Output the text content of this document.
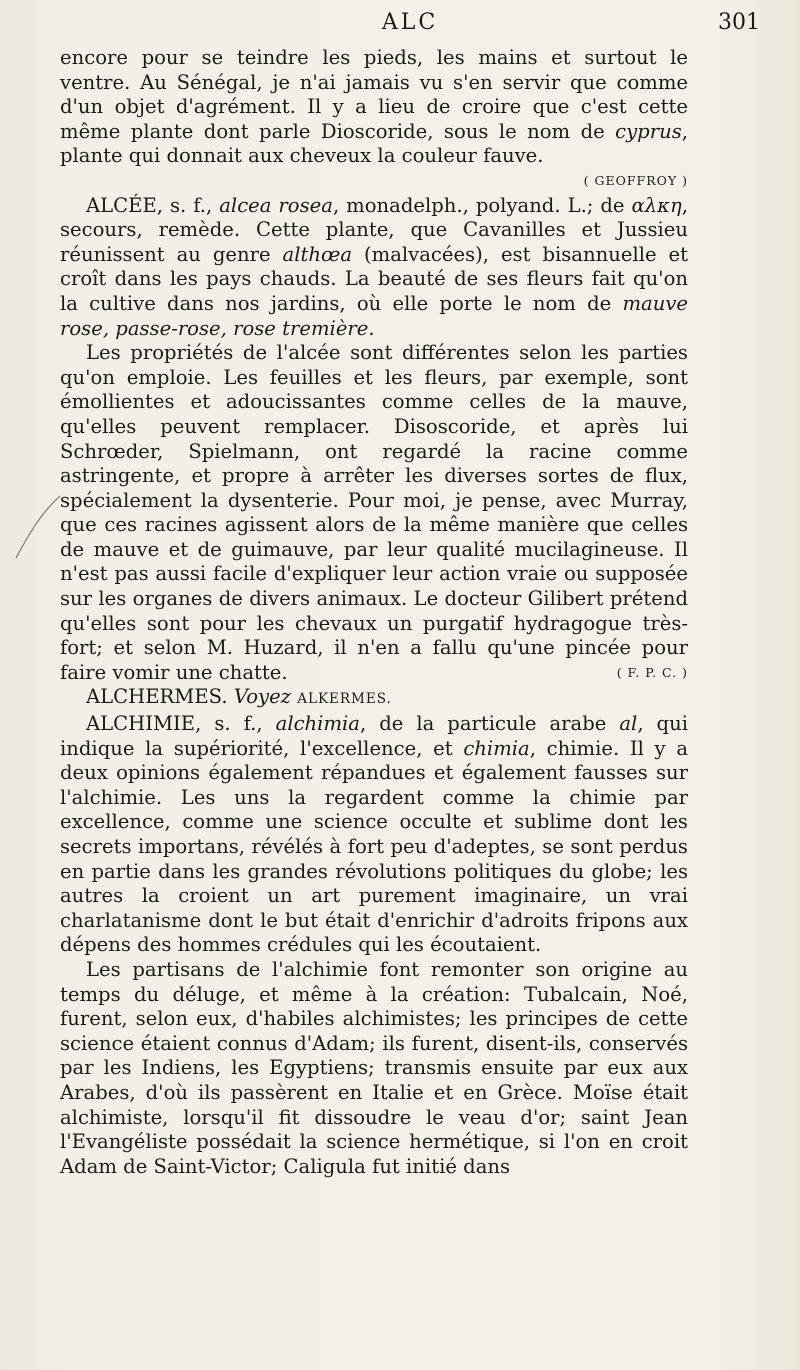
ALC	301

encore pour se teindre les pieds, les mains et surtout le ventre. Au Sénégal, je n'ai jamais vu s'en servir que comme d'un objet d'agrément. Il y a lieu de croire que c'est cette même plante dont parle Dioscoride, sous le nom de cyprus, plante qui donnait aux cheveux la couleur fauve.

( GEOFFROY )

ALCÉE, s. f., alcea rosea, monadelph., polyand. L.; de αλκη, secours, remède. Cette plante, que Cavanilles et Jussieu réunissent au genre althœa (malvacées), est bisannuelle et croît dans les pays chauds. La beauté de ses fleurs fait qu'on la cultive dans nos jardins, où elle porte le nom de mauve rose, passe-rose, rose tremière.

Les propriétés de l'alcée sont différentes selon les parties qu'on emploie. Les feuilles et les fleurs, par exemple, sont émollientes et adoucissantes comme celles de la mauve, qu'elles peuvent remplacer. Disoscoride, et après lui Schrœder, Spielmann, ont regardé la racine comme astringente, et propre à arrêter les diverses sortes de flux, spécialement la dysenterie. Pour moi, je pense, avec Murray, que ces racines agissent alors de la même manière que celles de mauve et de guimauve, par leur qualité mucilagineuse. Il n'est pas aussi facile d'expliquer leur action vraie ou supposée sur les organes de divers animaux. Le docteur Gilibert prétend qu'elles sont pour les chevaux un purgatif hydragogue très-fort; et selon M. Huzard, il n'en a fallu qu'une pincée pour faire vomir une chatte.	( F. P. C. )

ALCHERMES. Voyez ALKERMES.

ALCHIMIE, s. f., alchimia, de la particule arabe al, qui indique la supériorité, l'excellence, et chimia, chimie. Il y a deux opinions également répandues et également fausses sur l'alchimie. Les uns la regardent comme la chimie par excellence, comme une science occulte et sublime dont les secrets importans, révélés à fort peu d'adeptes, se sont perdus en partie dans les grandes révolutions politiques du globe; les autres la croient un art purement imaginaire, un vrai charlatanisme dont le but était d'enrichir d'adroits fripons aux dépens des hommes crédules qui les écoutaient.

Les partisans de l'alchimie font remonter son origine au temps du déluge, et même à la création: Tubalcain, Noé, furent, selon eux, d'habiles alchimistes; les principes de cette science étaient connus d'Adam; ils furent, disent-ils, conservés par les Indiens, les Egyptiens; transmis ensuite par eux aux Arabes, d'où ils passèrent en Italie et en Grèce. Moïse était alchimiste, lorsqu'il fit dissoudre le veau d'or; saint Jean l'Evangéliste possédait la science hermétique, si l'on en croit Adam de Saint-Victor; Caligula fut initié dans
